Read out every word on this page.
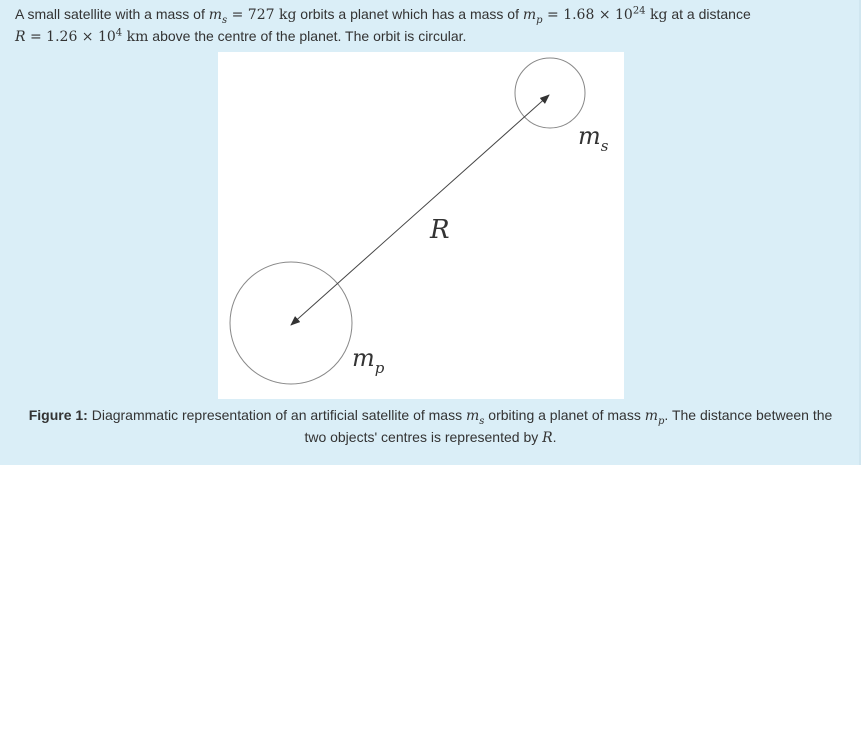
A small satellite with a mass of $m_s = 727$ kg orbits a planet which has a mass of $m_p = 1.68 \times 10^{24}$ kg at a distance
$R = 1.26 \times 10^4$ km above the centre of the planet. The orbit is circular.
$m_s$
R
$m_p$
Figure 1: Diagrammatic representation of an artificial satellite of mass $m_s$ orbiting a planet of mass $m_p$. The distance between the
two objects' centres is represented by R.
